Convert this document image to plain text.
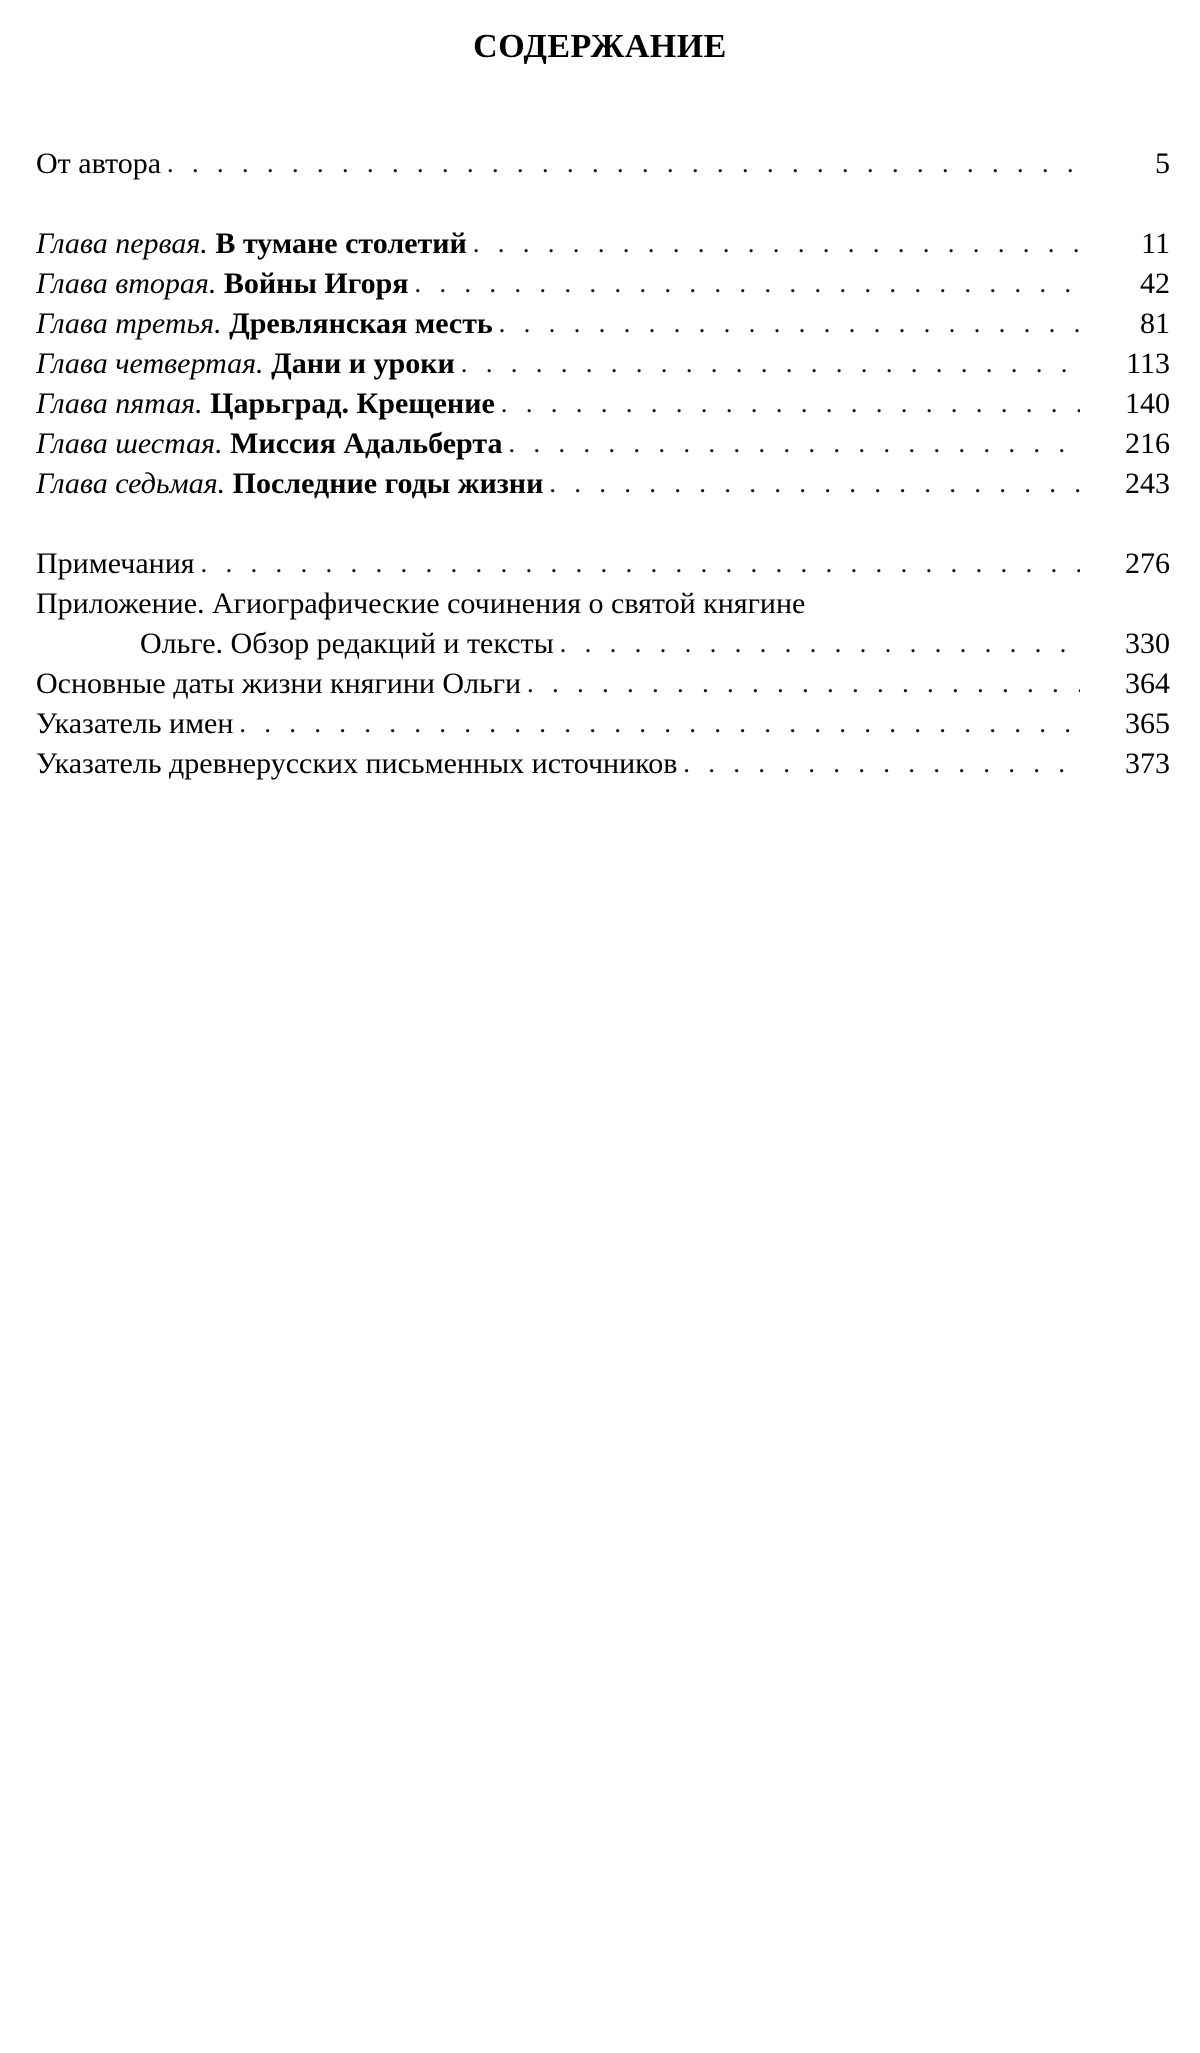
СОДЕРЖАНИЕ
От автора . . .	5
Глава первая. В тумане столетий . . .	11
Глава вторая. Войны Игоря . . .	42
Глава третья. Древлянская месть . . .	81
Глава четвертая. Дани и уроки . . .	113
Глава пятая. Царьград. Крещение . . .	140
Глава шестая. Миссия Адальберта . . .	216
Глава седьмая. Последние годы жизни . . .	243
Примечания . . .	276
Приложение. Агиографические сочинения о святой княгине
Ольге. Обзор редакций и тексты . . .	330
Основные даты жизни княгини Ольги . . .	364
Указатель имен . . .	365
Указатель древнерусских письменных источников . . .	373
